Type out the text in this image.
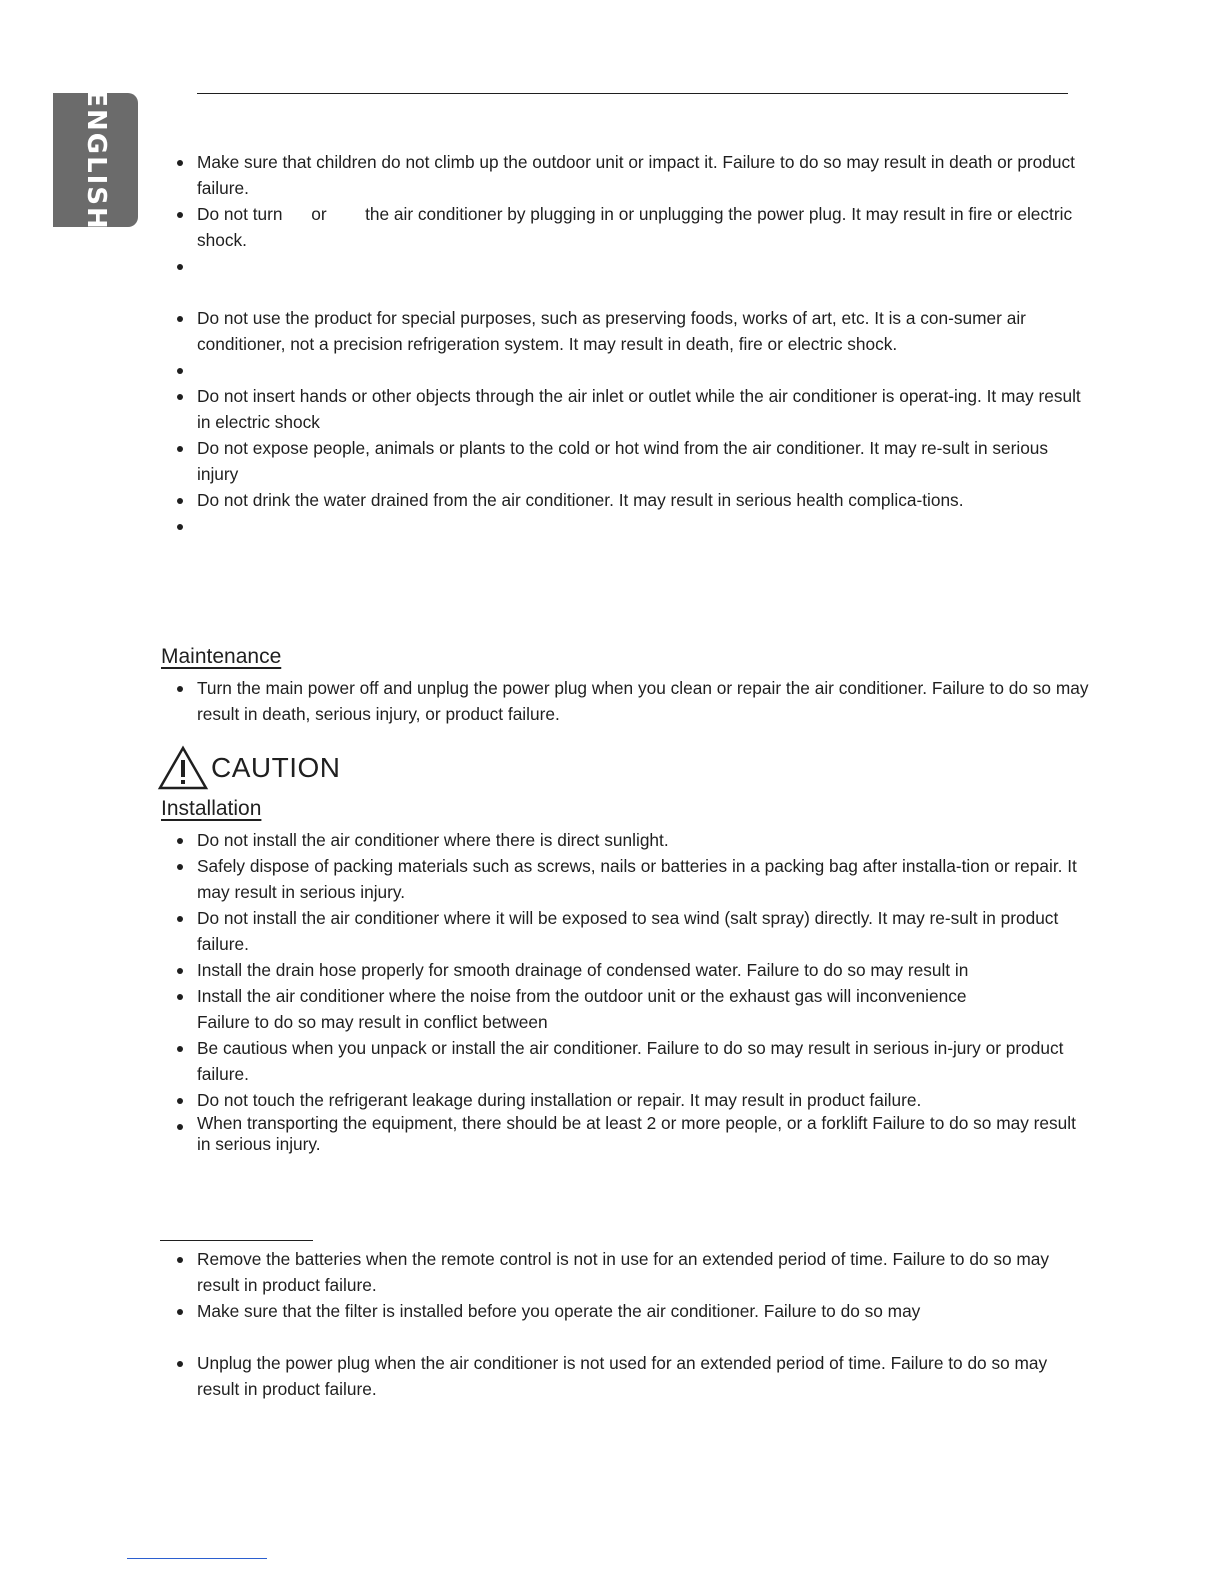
ENGLISH	Make sure that children do not climb up the outdoor unit or impact it. Failure to do so may result in death or product failure.
Do not turn      or        the air conditioner by plugging in or unplugging the power plug. It may result in fire or electric shock.
Do not use the product for special purposes, such as preserving foods, works of art, etc. It is a con-sumer air conditioner, not a precision refrigeration system. It may result in death, fire or electric shock.
Do not insert hands or other objects through the air inlet or outlet while the air conditioner is operat-ing. It may result in electric shock
Do not expose people, animals or plants to the cold or hot wind from the air conditioner. It may re-sult in serious injury
Do not drink the water drained from the air conditioner. It may result in serious health complica-tions.
Maintenance
Turn the main power off and unplug the power plug when you clean or repair the air conditioner. Failure to do so may result in death, serious injury, or product failure.
CAUTION
Installation
Do not install the air conditioner where there is direct sunlight.
Safely dispose of packing materials such as screws, nails or batteries in a packing bag after installa-tion or repair. It may result in serious injury.
Do not install the air conditioner where it will be exposed to sea wind (salt spray) directly. It may re-sult in product failure.
Install the drain hose properly for smooth drainage of condensed water. Failure to do so may result in
Install the air conditioner where the noise from the outdoor unit or the exhaust gas will inconvenience                         Failure to do so may result in conflict between
Be cautious when you unpack or install the air conditioner. Failure to do so may result in serious in-jury or product failure.
Do not touch the refrigerant leakage during installation or repair. It may result in product failure.
When transporting the equipment, there should be at least 2 or more people, or a forklift Failure to do so may result in serious injury.
Remove the batteries when the remote control is not in use for an extended period of time. Failure to do so may result in product failure.
Make sure that the filter is installed before you operate the air conditioner. Failure to do so may
Unplug the power plug when the air conditioner is not used for an extended period of time. Failure to do so may result in product failure.
